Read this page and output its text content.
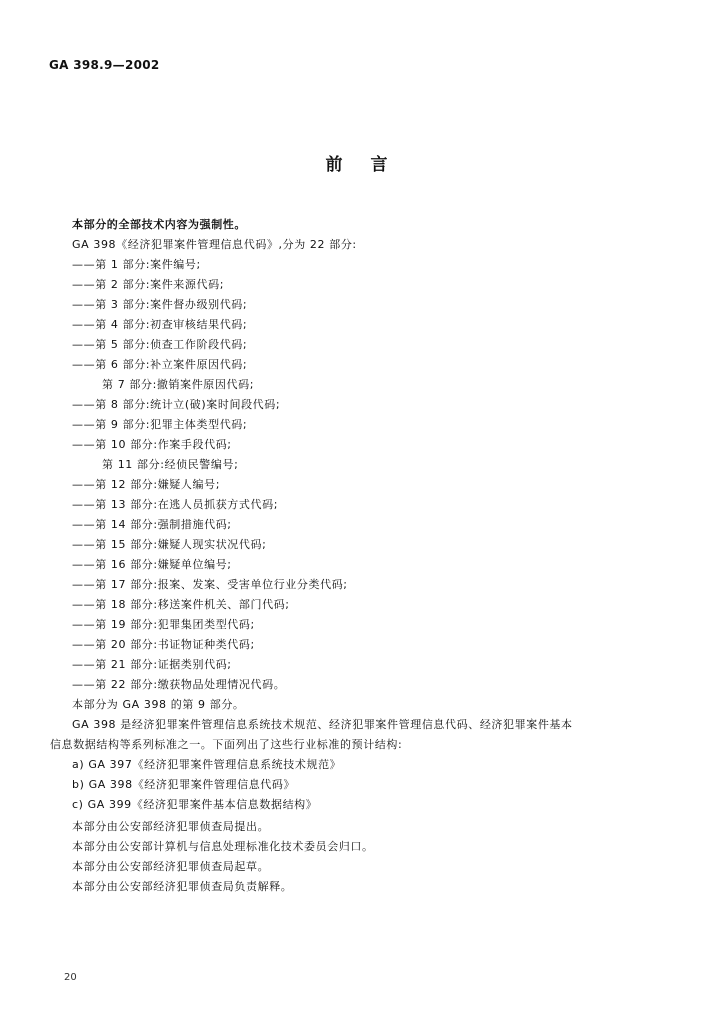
GA 398.9—2002
前言
本部分的全部技术内容为强制性。
GA 398《经济犯罪案件管理信息代码》,分为 22 部分:
——第 1 部分:案件编号;
——第 2 部分:案件来源代码;
——第 3 部分:案件督办级别代码;
——第 4 部分:初查审核结果代码;
——第 5 部分:侦查工作阶段代码;
——第 6 部分:补立案件原因代码;
第 7 部分:撤销案件原因代码;
——第 8 部分:统计立(破)案时间段代码;
——第 9 部分:犯罪主体类型代码;
——第 10 部分:作案手段代码;
第 11 部分:经侦民警编号;
——第 12 部分:嫌疑人编号;
——第 13 部分:在逃人员抓获方式代码;
——第 14 部分:强制措施代码;
——第 15 部分:嫌疑人现实状况代码;
——第 16 部分:嫌疑单位编号;
——第 17 部分:报案、发案、受害单位行业分类代码;
——第 18 部分:移送案件机关、部门代码;
——第 19 部分:犯罪集团类型代码;
——第 20 部分:书证物证种类代码;
——第 21 部分:证据类别代码;
——第 22 部分:缴获物品处理情况代码。
本部分为 GA 398 的第 9 部分。
GA 398 是经济犯罪案件管理信息系统技术规范、经济犯罪案件管理信息代码、经济犯罪案件基本
信息数据结构等系列标准之一。下面列出了这些行业标准的预计结构:
a) GA 397《经济犯罪案件管理信息系统技术规范》
b) GA 398《经济犯罪案件管理信息代码》
c) GA 399《经济犯罪案件基本信息数据结构》
本部分由公安部经济犯罪侦查局提出。
本部分由公安部计算机与信息处理标准化技术委员会归口。
本部分由公安部经济犯罪侦查局起草。
本部分由公安部经济犯罪侦查局负责解释。
20
